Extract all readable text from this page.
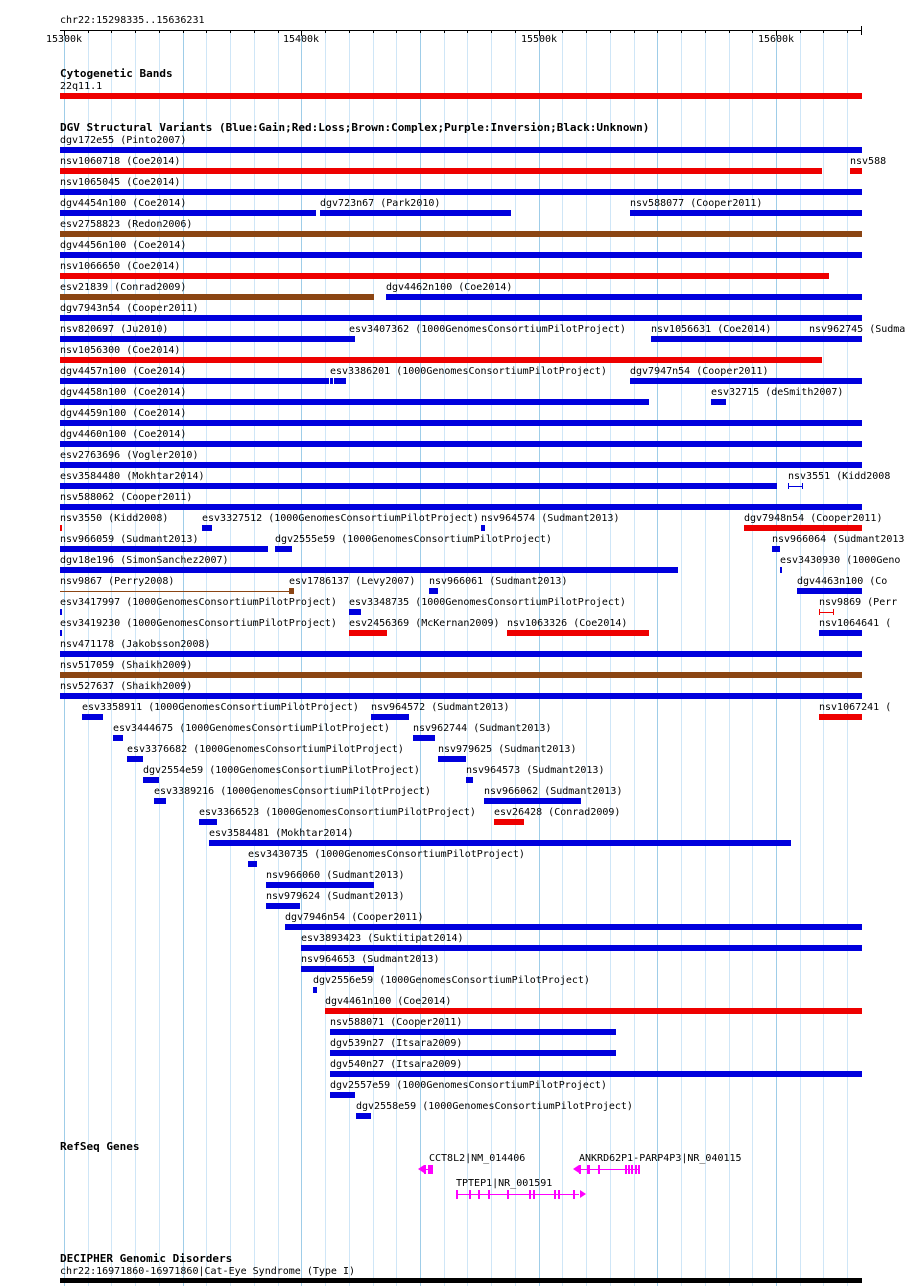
chr22:15298335..15636231
15300k	15400k	15500k	15600k
Cytogenetic Bands
22q11.1
DGV Structural Variants (Blue:Gain;Red:Loss;Brown:Complex;Purple:Inversion;Black:Unknown)
dgv172e55 (Pinto2007)
nsv1060718 (Coe2014)	nsv588
nsv1065045 (Coe2014)
dgv4454n100 (Coe2014)	dgv723n67 (Park2010)	nsv588077 (Cooper2011)
esv2758823 (Redon2006)
dgv4456n100 (Coe2014)
nsv1066650 (Coe2014)
esv21839 (Conrad2009)	dgv4462n100 (Coe2014)
dgv7943n54 (Cooper2011)
nsv820697 (Ju2010)	esv3407362 (1000GenomesConsortiumPilotProject)	nsv1056631 (Coe2014)	nsv962745 (Sudma
nsv1056300 (Coe2014)
dgv4457n100 (Coe2014)	esv3386201 (1000GenomesConsortiumPilotProject) dgv7947n54 (Cooper2011)
dgv4458n100 (Coe2014)	esv32715 (deSmith2007)
dgv4459n100 (Coe2014)
dgv4460n100 (Coe2014)
esv2763696 (Vogler2010)
esv3584480 (Mokhtar2014)	nsv3551 (Kidd2008
nsv588062 (Cooper2011)
nsv3550 (Kidd2008)	esv3327512 (1000GenomesConsortiumPilotProject) nsv964574 (Sudmant2013)	dgv7948n54 (Cooper2011)
nsv966059 (Sudmant2013)	dgv2555e59 (1000GenomesConsortiumPilotProject)	nsv966064 (Sudmant2013
dgv18e196 (SimonSanchez2007)	esv3430930 (1000Geno
nsv9867 (Perry2008)	esv1786137 (Levy2007) nsv966061 (Sudmant2013)	dgv4463n100 (Co
esv3417997 (1000GenomesConsortiumPilotProject) esv3348735 (1000GenomesConsortiumPilotProject)	nsv9869 (Perr
esv3419230 (1000GenomesConsortiumPilotProject) esv2456369 (McKernan2009) nsv1063326 (Coe2014)	nsv1064641 (
nsv471178 (Jakobsson2008)
nsv517059 (Shaikh2009)
nsv527637 (Shaikh2009)
esv3358911 (1000GenomesConsortiumPilotProject) nsv964572 (Sudmant2013)	nsv1067241 (
esv3444675 (1000GenomesConsortiumPilotProject) nsv962744 (Sudmant2013)
esv3376682 (1000GenomesConsortiumPilotProject)	nsv979625 (Sudmant2013)
dgv2554e59 (1000GenomesConsortiumPilotProject)	nsv964573 (Sudmant2013)
esv3389216 (1000GenomesConsortiumPilotProject)	nsv966062 (Sudmant2013)
esv3366523 (1000GenomesConsortiumPilotProject) esv26428 (Conrad2009)
esv3584481 (Mokhtar2014)
esv3430735 (1000GenomesConsortiumPilotProject)
nsv966060 (Sudmant2013)
nsv979624 (Sudmant2013)
dgv7946n54 (Cooper2011)
esv3893423 (Suktitipat2014)
nsv964653 (Sudmant2013)
dgv2556e59 (1000GenomesConsortiumPilotProject)
dgv4461n100 (Coe2014)
nsv588071 (Cooper2011)
dgv539n27 (Itsara2009)
dgv540n27 (Itsara2009)
dgv2557e59 (1000GenomesConsortiumPilotProject)
dgv2558e59 (1000GenomesConsortiumPilotProject)
RefSeq Genes
CCT8L2|NM_014406	ANKRD62P1-PARP4P3|NR_040115
TPTEP1|NR_001591
DECIPHER Genomic Disorders
chr22:16971860-16971860|Cat-Eye Syndrome (Type I)
